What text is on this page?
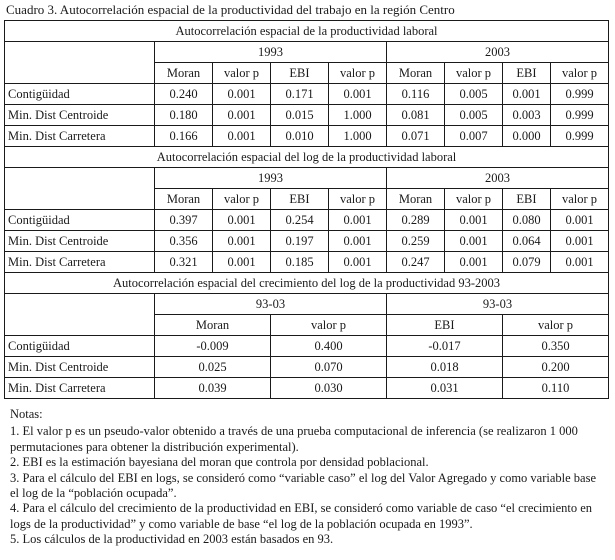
Cuadro 3. Autocorrelación espacial de la productividad del trabajo en la región Centro
Autocorrelación espacial de la productividad laboral								
	1993				2003			
	Moran	valor p	EBI	valor p	Moran	valor p	EBI	valor p
Contigüidad	0.240	0.001	0.171	0.001	0.116	0.005	0.001	0.999
Min. Dist Centroide	0.180	0.001	0.015	1.000	0.081	0.005	0.003	0.999
Min. Dist Carretera	0.166	0.001	0.010	1.000	0.071	0.007	0.000	0.999
Autocorrelación espacial del log de la productividad laboral								
	1993				2003			
	Moran	valor p	EBI	valor p	Moran	valor p	EBI	valor p
Contigüidad	0.397	0.001	0.254	0.001	0.289	0.001	0.080	0.001
Min. Dist Centroide	0.356	0.001	0.197	0.001	0.259	0.001	0.064	0.001
Min. Dist Carretera	0.321	0.001	0.185	0.001	0.247	0.001	0.079	0.001
Autocorrelación espacial del crecimiento del log de la productividad 93-2003								
	93-03				93-03			
	Moran		valor p		EBI		valor p	
Contigüidad	-0.009		0.400		-0.017		0.350	
Min. Dist Centroide	0.025		0.070		0.018		0.200	
Min. Dist Carretera	0.039		0.030		0.031		0.110	

Notas:

1. El valor p es un pseudo-valor obtenido a través de una prueba computacional de inferencia (se realizaron 1 000 permutaciones para obtener la distribución experimental).

2. EBI es la estimación bayesiana del moran que controla por densidad poblacional.

3. Para el cálculo del EBI en logs, se consideró como “variable caso” el log del Valor Agregado y como variable base el log de la “población ocupada”.

4. Para el cálculo del crecimiento de la productividad en EBI, se consideró como variable de caso “el crecimiento en logs de la productividad” y como variable de base “el log de la población ocupada en 1993”.

5. Los cálculos de la productividad en 2003 están basados en 93.
